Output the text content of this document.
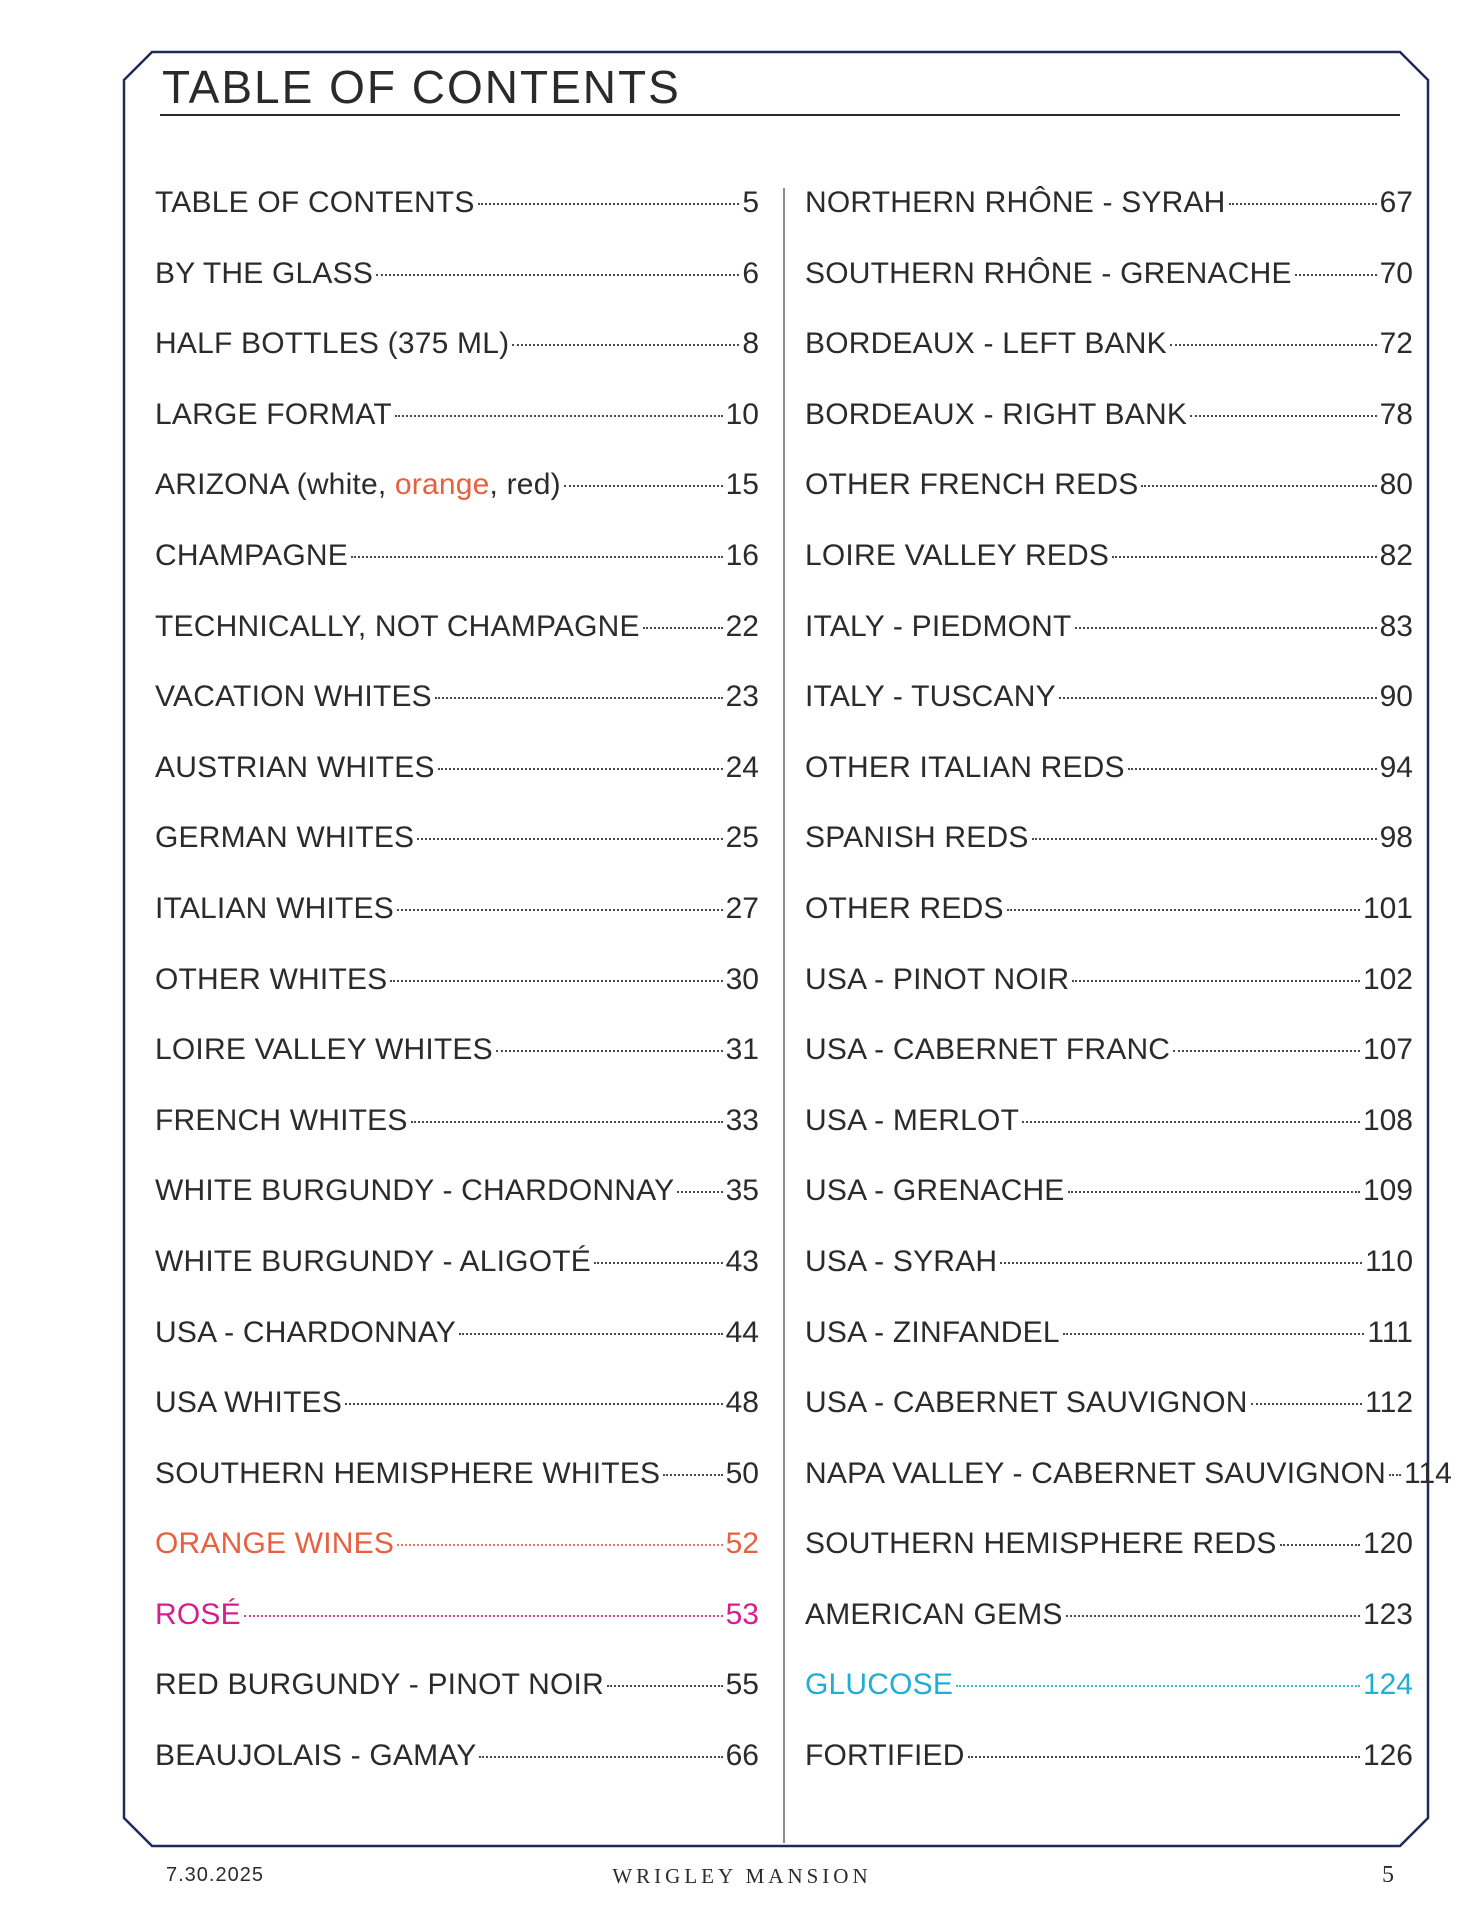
TABLE OF CONTENTS
TABLE OF CONTENTS	5
BY THE GLASS	6
HALF BOTTLES (375 ML)	8
LARGE FORMAT	10
ARIZONA (white, orange, red)	15
CHAMPAGNE	16
TECHNICALLY, NOT CHAMPAGNE	22
VACATION WHITES	23
AUSTRIAN WHITES	24
GERMAN WHITES	25
ITALIAN WHITES	27
OTHER WHITES	30
LOIRE VALLEY WHITES	31
FRENCH WHITES	33
WHITE BURGUNDY - CHARDONNAY 35
WHITE BURGUNDY - ALIGOTÉ	43
USA - CHARDONNAY	44
USA WHITES	48
SOUTHERN HEMISPHERE WHITES 50
ORANGE WINES	52
ROSÉ	53
RED BURGUNDY - PINOT NOIR	55
BEAUJOLAIS - GAMAY	66
NORTHERN RHÔNE - SYRAH	67
SOUTHERN RHÔNE - GRENACHE	70
BORDEAUX - LEFT BANK	72
BORDEAUX - RIGHT BANK	78
OTHER FRENCH REDS	80
LOIRE VALLEY REDS	82
ITALY - PIEDMONT	83
ITALY - TUSCANY	90
OTHER ITALIAN REDS	94
SPANISH REDS	98
OTHER REDS	101
USA - PINOT NOIR	102
USA - CABERNET FRANC	107
USA - MERLOT	108
USA - GRENACHE	109
USA - SYRAH	110
USA - ZINFANDEL	111
USA - CABERNET SAUVIGNON	112
NAPA VALLEY - CABERNET SAUVIGNON 114
SOUTHERN HEMISPHERE REDS	120
AMERICAN GEMS	123
GLUCOSE	124
FORTIFIED	126
7.30.2025	WRIGLEY MANSION	5
